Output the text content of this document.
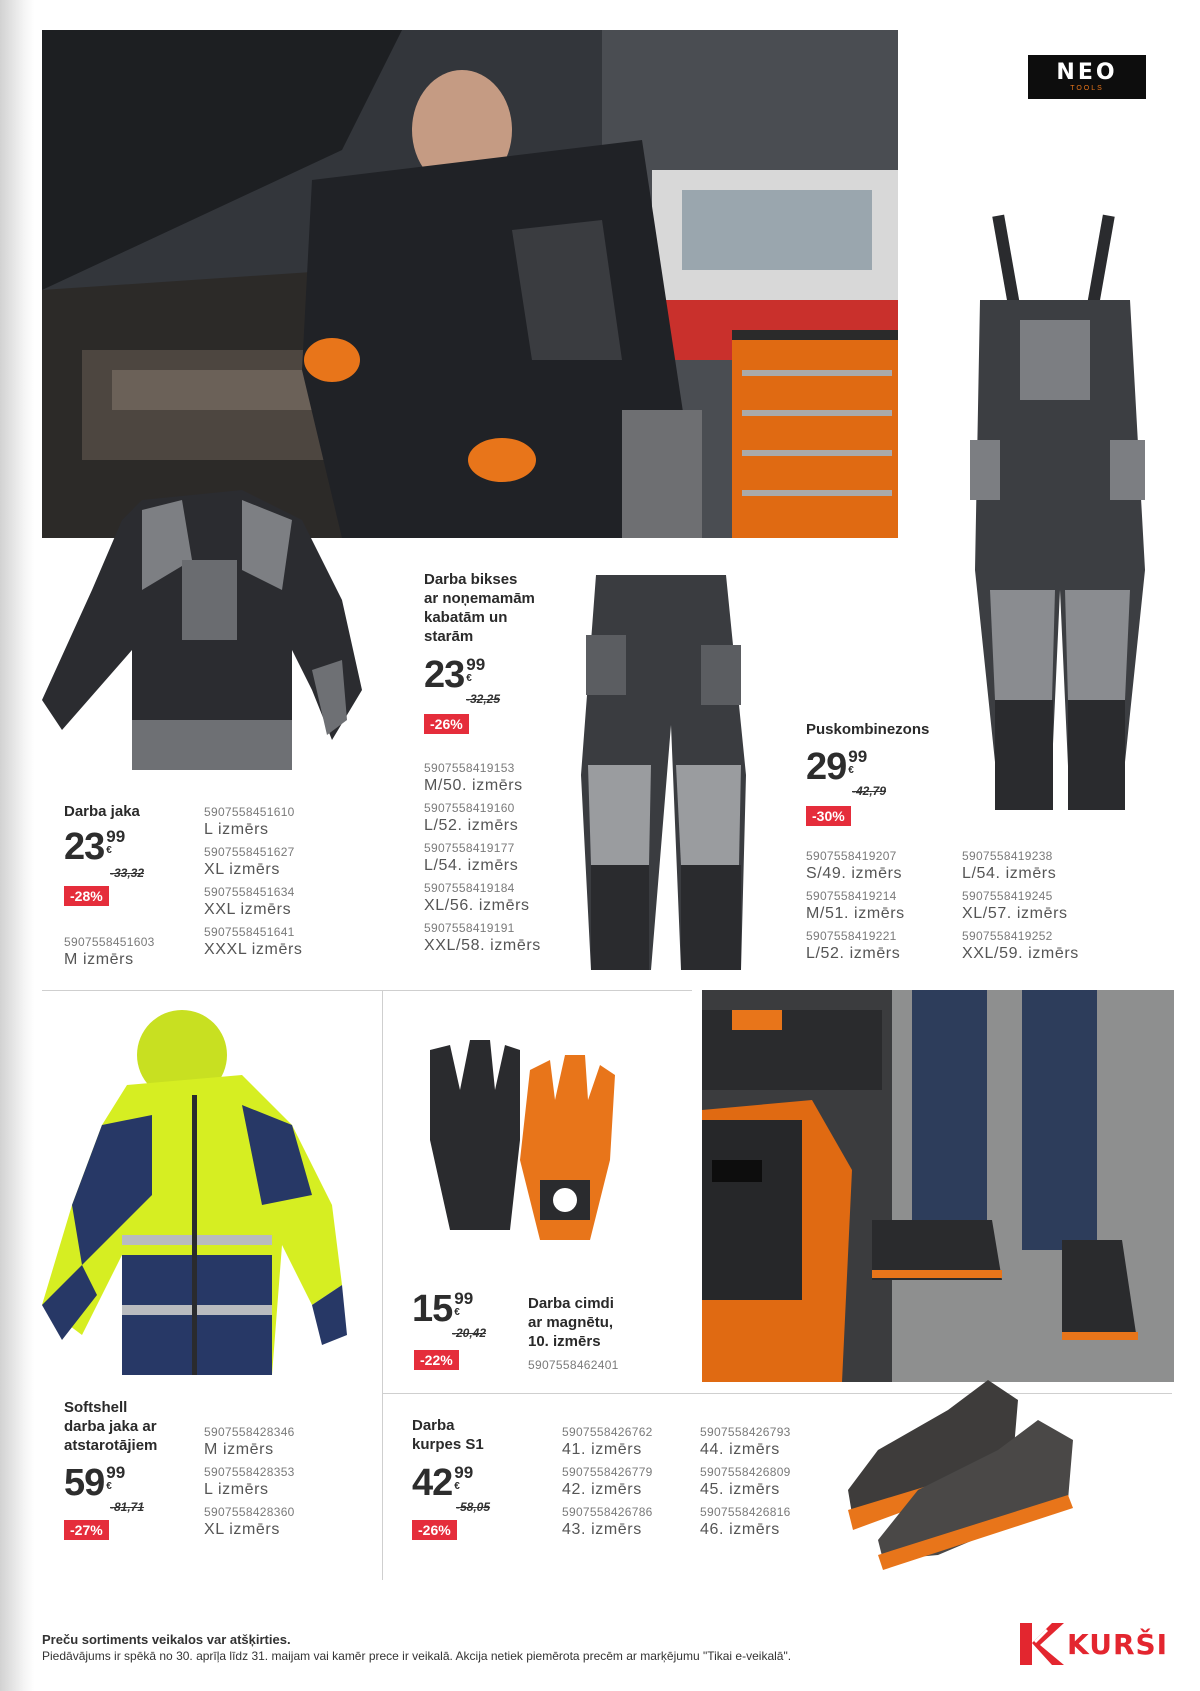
NEO
TOOLS
Darba jaka
23 99
€
-33,32
-28%
5907558451603
M izmērs
5907558451610
L izmērs
5907558451627
XL izmērs
5907558451634
XXL izmērs
5907558451641
XXXL izmērs
Darba bikses
ar noņemamām
kabatām un
starām
23 99
€
-32,25
-26%
5907558419153
M/50. izmērs
5907558419160
L/52. izmērs
5907558419177
L/54. izmērs
5907558419184
XL/56. izmērs
5907558419191
XXL/58. izmērs
Puskombinezons
29 99
€
-42,79
-30%
5907558419207
S/49. izmērs
5907558419214
M/51. izmērs
5907558419221
L/52. izmērs
5907558419238
L/54. izmērs
5907558419245
XL/57. izmērs
5907558419252
XXL/59. izmērs
Softshell
darba jaka ar
atstarotājiem
59 99
€
-81,71
-27%
5907558428346
M izmērs
5907558428353
L izmērs
5907558428360
XL izmērs
15 99
€
-20,42
-22%
Darba cimdi
ar magnētu,
10. izmērs
5907558462401
Darba
kurpes S1
42 99
€
-58,05
-26%
5907558426762
41. izmērs
5907558426779
42. izmērs
5907558426786
43. izmērs
5907558426793
44. izmērs
5907558426809
45. izmērs
5907558426816
46. izmērs
Preču sortiments veikalos var atšķirties.
Piedāvājums ir spēkā no 30. aprīļa līdz 31. maijam vai kamēr prece ir veikalā. Akcija netiek piemērota precēm ar marķējumu "Tikai e-veikalā".	KURŠI
